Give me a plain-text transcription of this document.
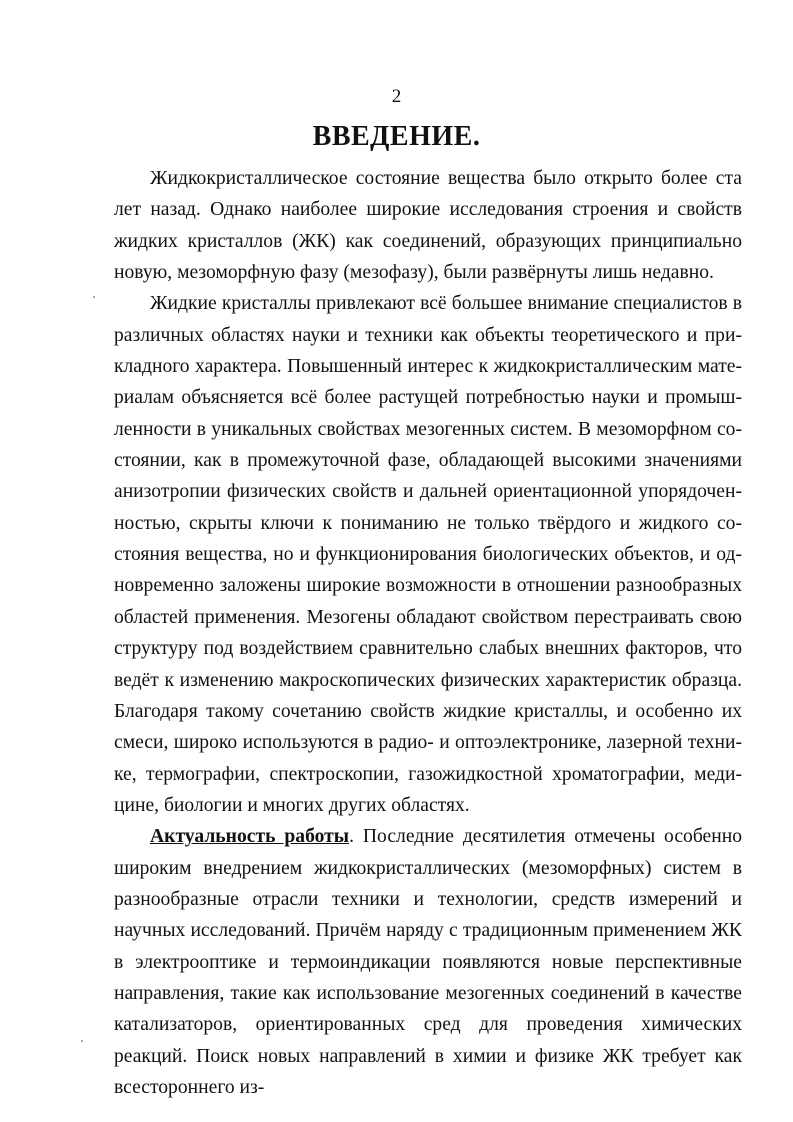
2
ВВЕДЕНИЕ.

Жидкокристаллическое состояние вещества было открыто более ста лет назад. Однако наиболее широкие исследования строения и свойств жидких кристаллов (ЖК) как соединений, образующих принципиально новую, мезоморфную фазу (мезофазу), были развёрнуты лишь недавно.

Жидкие кристаллы привлекают всё большее внимание специалистов в различных областях науки и техники как объекты теоретического и прикладного характера. Повышенный интерес к жидкокристаллическим материалам объясняется всё более растущей потребностью науки и промышленности в уникальных свойствах мезогенных систем. В мезоморфном состоянии, как в промежуточной фазе, обладающей высокими значениями анизотропии физических свойств и дальней ориентационной упорядоченностью, скрыты ключи к пониманию не только твёрдого и жидкого состояния вещества, но и функционирования биологических объектов, и одновременно заложены широкие возможности в отношении разнообразных областей применения. Мезогены обладают свойством перестраивать свою структуру под воздействием сравнительно слабых внешних факторов, что ведёт к изменению макроскопических физических характеристик образца. Благодаря такому сочетанию свойств жидкие кристаллы, и особенно их смеси, широко используются в радио- и оптоэлектронике, лазерной технике, термографии, спектроскопии, газожидкостной хроматографии, медицине, биологии и многих других областях.

Актуальность работы. Последние десятилетия отмечены особенно широким внедрением жидкокристаллических (мезоморфных) систем в разнообразные отрасли техники и технологии, средств измерений и научных исследований. Причём наряду с традиционным применением ЖК в электрооптике и термоиндикации появляются новые перспективные направления, такие как использование мезогенных соединений в качестве катализаторов, ориентированных сред для проведения химических реакций. Поиск новых направлений в химии и физике ЖК требует как всестороннего из-
